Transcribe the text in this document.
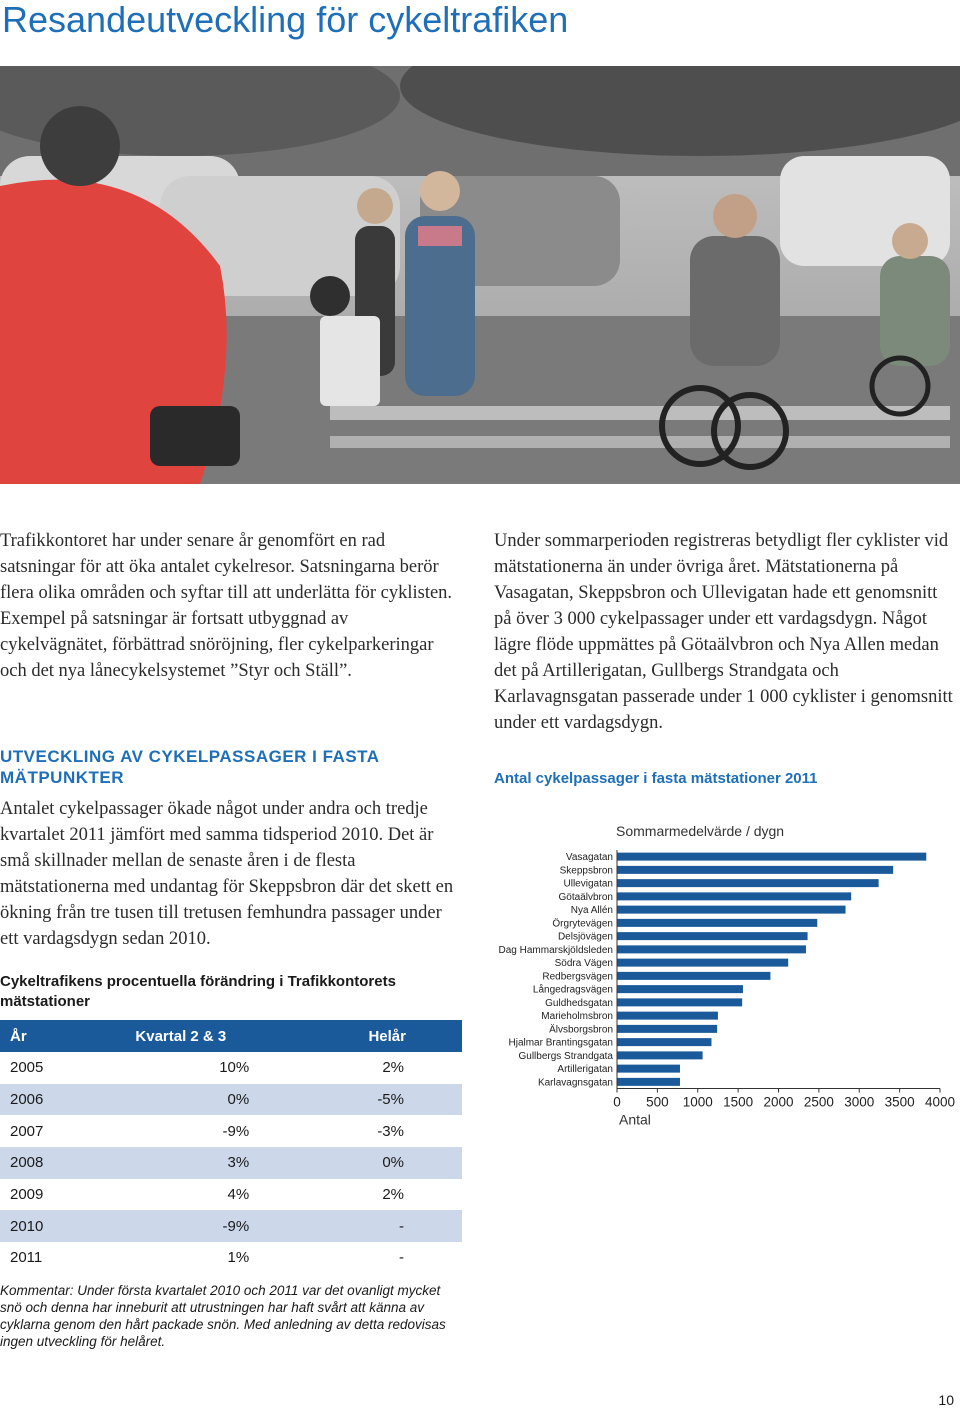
Resandeutveckling för cykeltrafiken

Trafikkontoret har under senare år genomfört en rad satsningar för att öka antalet cykelresor. Satsningarna berör flera olika områden och syftar till att underlätta för cyklisten. Exempel på satsningar är fortsatt utbyggnad av cykelvägnätet, förbättrad snöröjning, fler cykelparkeringar och det nya lånecykelsystemet ”Styr och Ställ”.

UTVECKLING AV CYKELPASSAGER I FASTA MÄTPUNKTER

Antalet cykelpassager ökade något under andra och tredje kvartalet 2011 jämfört med samma tidsperiod 2010. Det är små skillnader mellan de senaste åren i de flesta mätstationerna med undantag för Skeppsbron där det skett en ökning från tre tusen till tretusen femhundra passager under ett vardagsdygn sedan 2010.

Cykeltrafikens procentuella förändring i Trafikkontorets mätstationer
År	Kvartal 2 & 3	Helår
2005	10%	2%
2006	0%	-5%
2007	-9%	-3%
2008	3%	0%
2009	4%	2%
2010	-9%	-
2011	1%	-

Kommentar: Under första kvartalet 2010 och 2011 var det ovanligt mycket snö och denna har inneburit att utrustningen har haft svårt att känna av cyklarna genom den hårt packade snön. Med anledning av detta redovisas ingen utveckling för helåret.

Under sommarperioden registreras betydligt fler cyklister vid mätstationerna än under övriga året. Mätstationerna på Vasagatan, Skeppsbron och Ullevigatan hade ett genomsnitt på över 3 000 cykelpassager under ett vardagsdygn. Något lägre flöde uppmättes på Götaälvbron och Nya Allen medan det på Artillerigatan, Gullbergs Strandgata och Karlavagnsgatan passerade under 1 000 cyklister i genomsnitt under ett vardagsdygn.

Antal cykelpassager i fasta mätstationer 2011
Sommarmedelvärde / dygn
Vasagatan
Skeppsbron
Ullevigatan
Götaälvbron
Nya Allén
Örgrytevägen
Delsjövägen
Dag Hammarskjöldsleden
Södra Vägen
Redbergsvägen
Långedragsvägen
Guldhedsgatan
Marieholmsbron
Älvsborgsbron
Hjalmar Brantingsgatan
Gullbergs Strandgata
Artillerigatan
Karlavagnsgatan
0 500 1000 1500 2000 2500 3000 3500 4000
Antal
10
